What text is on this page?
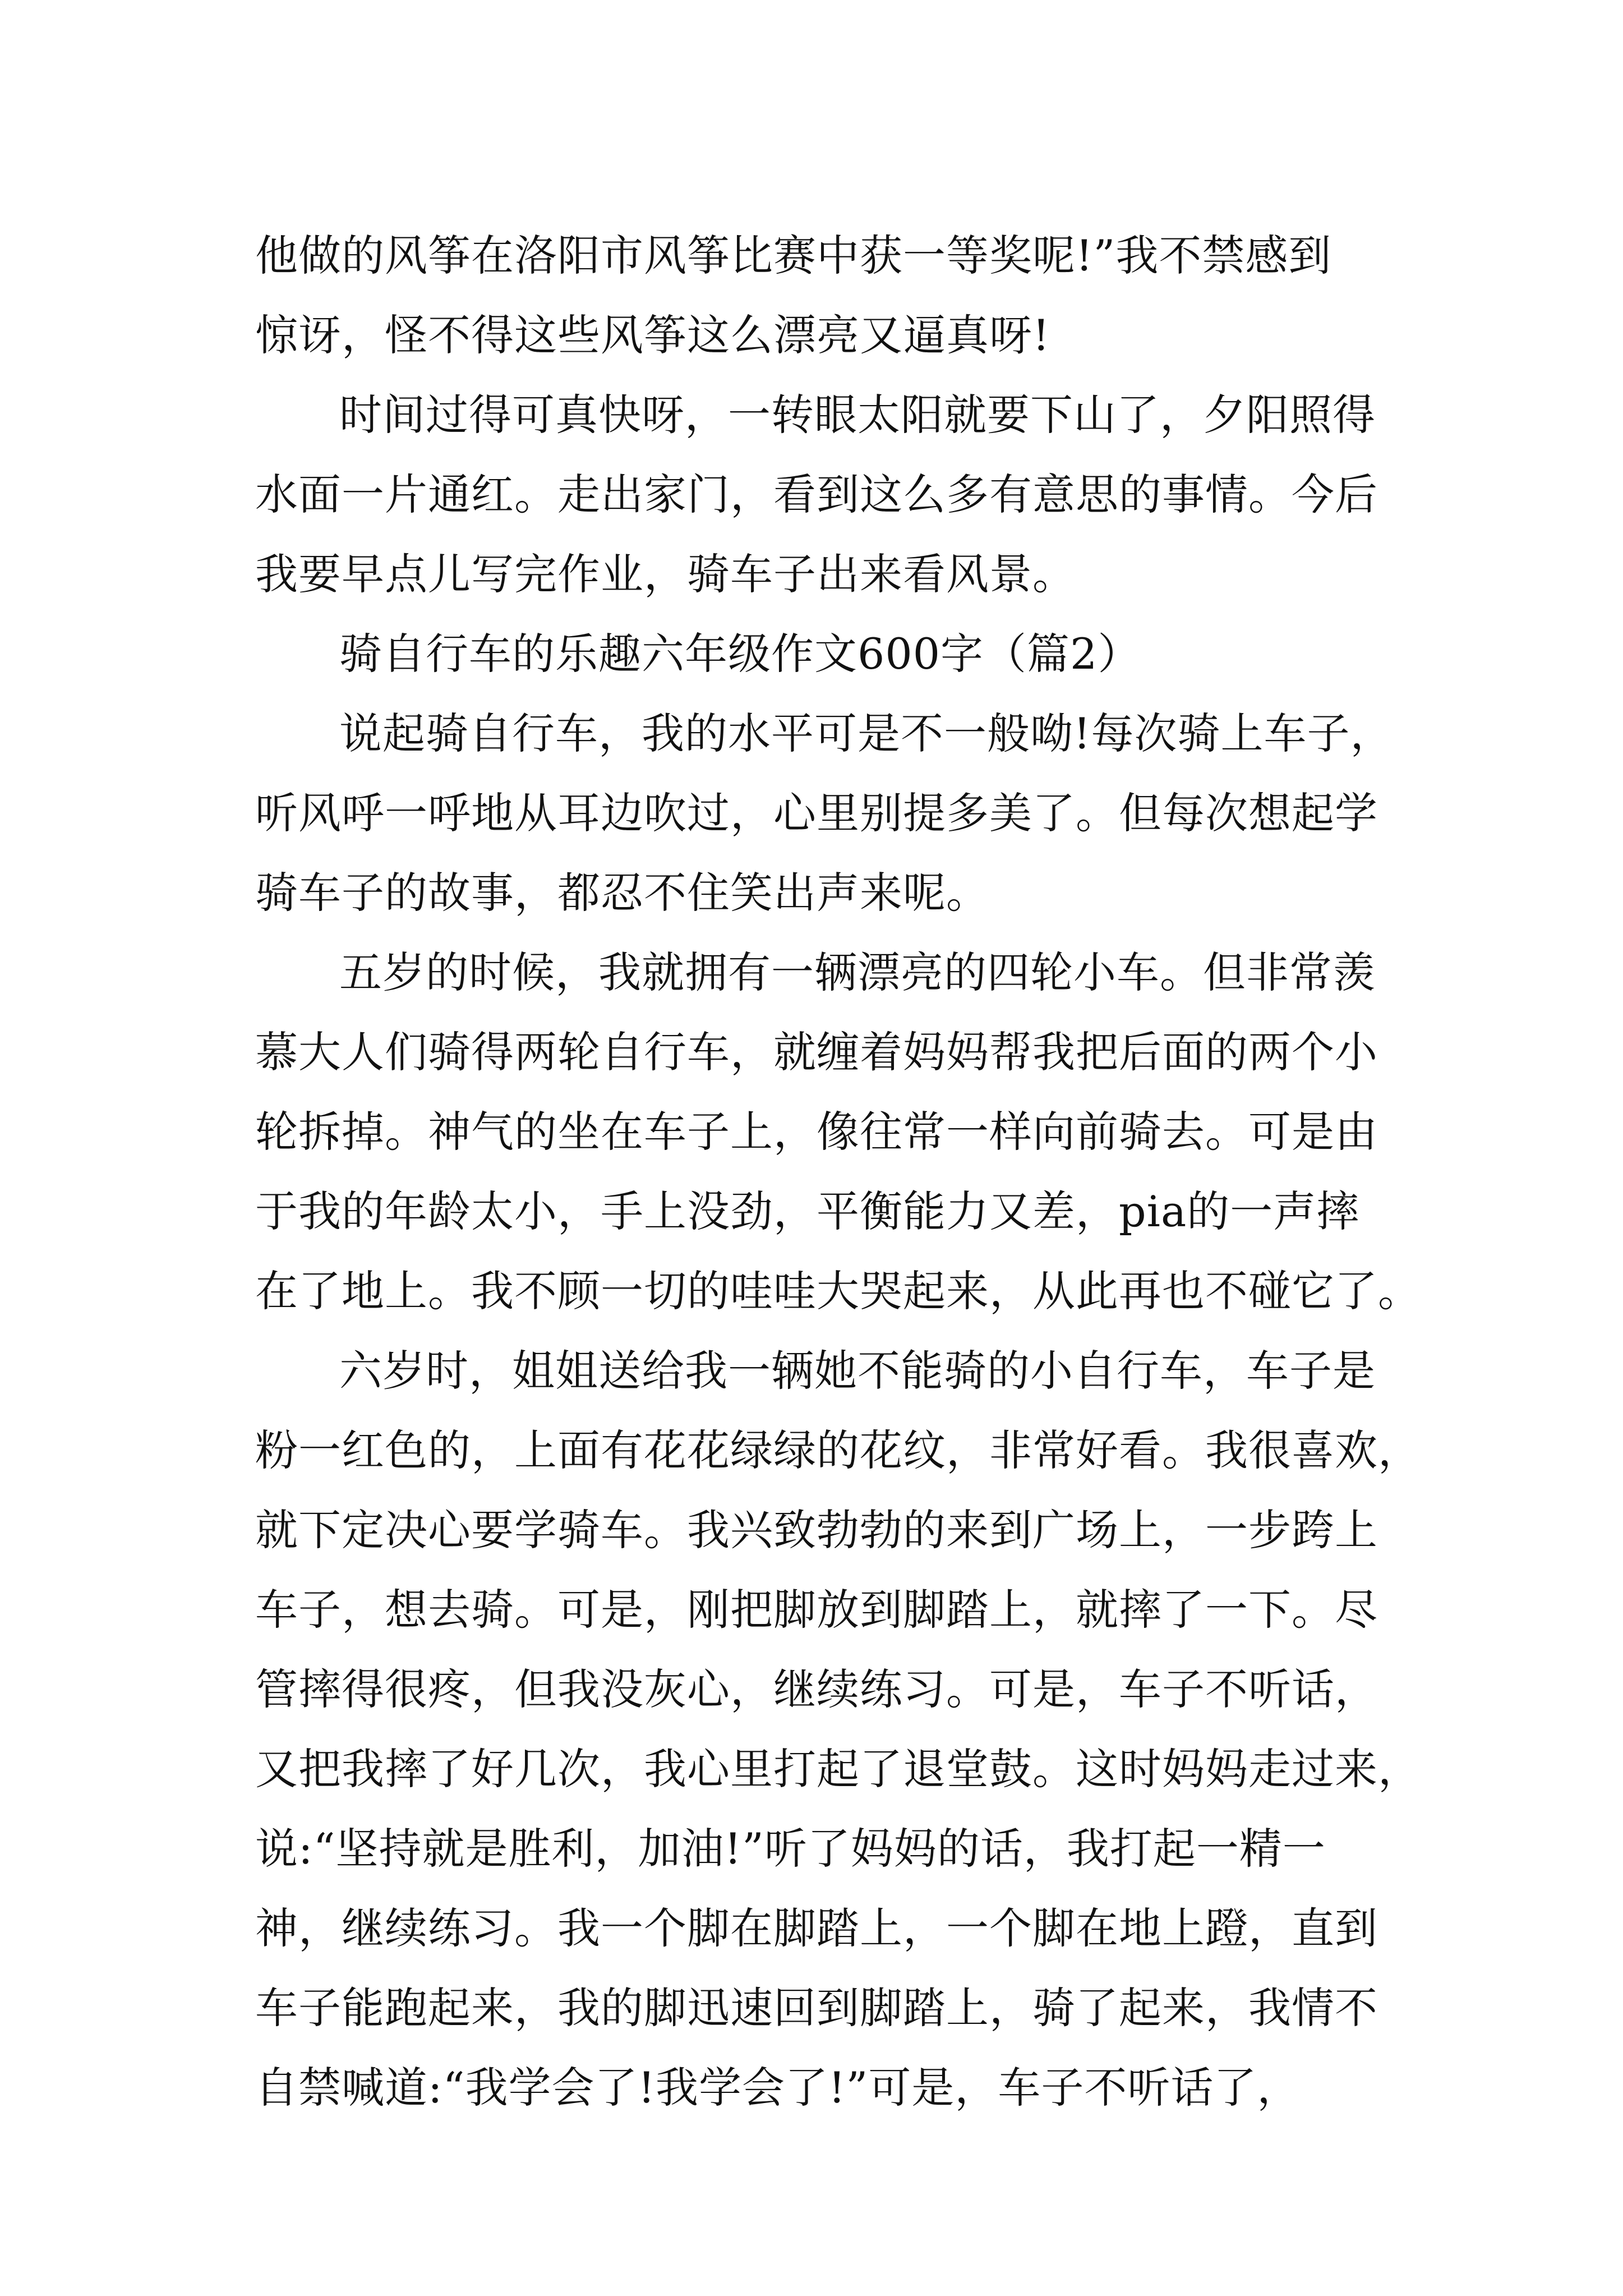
他做的风筝在洛阳市风筝比赛中获一等奖呢!”我不禁感到
惊讶，怪不得这些风筝这么漂亮又逼真呀!
时间过得可真快呀，一转眼太阳就要下山了，夕阳照得
水面一片通红。走出家门，看到这么多有意思的事情。今后
我要早点儿写完作业，骑车子出来看风景。
骑自行车的乐趣六年级作文600字（篇2）
说起骑自行车，我的水平可是不一般呦!每次骑上车子，
听风呼一呼地从耳边吹过，心里别提多美了。但每次想起学
骑车子的故事，都忍不住笑出声来呢。
五岁的时候，我就拥有一辆漂亮的四轮小车。但非常羡
慕大人们骑得两轮自行车，就缠着妈妈帮我把后面的两个小
轮拆掉。神气的坐在车子上，像往常一样向前骑去。可是由
于我的年龄太小，手上没劲，平衡能力又差，pia的一声摔
在了地上。我不顾一切的哇哇大哭起来，从此再也不碰它了。
六岁时，姐姐送给我一辆她不能骑的小自行车，车子是
粉一红色的，上面有花花绿绿的花纹，非常好看。我很喜欢，
就下定决心要学骑车。我兴致勃勃的来到广场上，一步跨上
车子，想去骑。可是，刚把脚放到脚踏上，就摔了一下。尽
管摔得很疼，但我没灰心，继续练习。可是，车子不听话，
又把我摔了好几次，我心里打起了退堂鼓。这时妈妈走过来，
说:“坚持就是胜利，加油!”听了妈妈的话，我打起一精一
神，继续练习。我一个脚在脚踏上，一个脚在地上蹬，直到
车子能跑起来，我的脚迅速回到脚踏上，骑了起来，我情不
自禁喊道:“我学会了!我学会了!”可是，车子不听话了，
